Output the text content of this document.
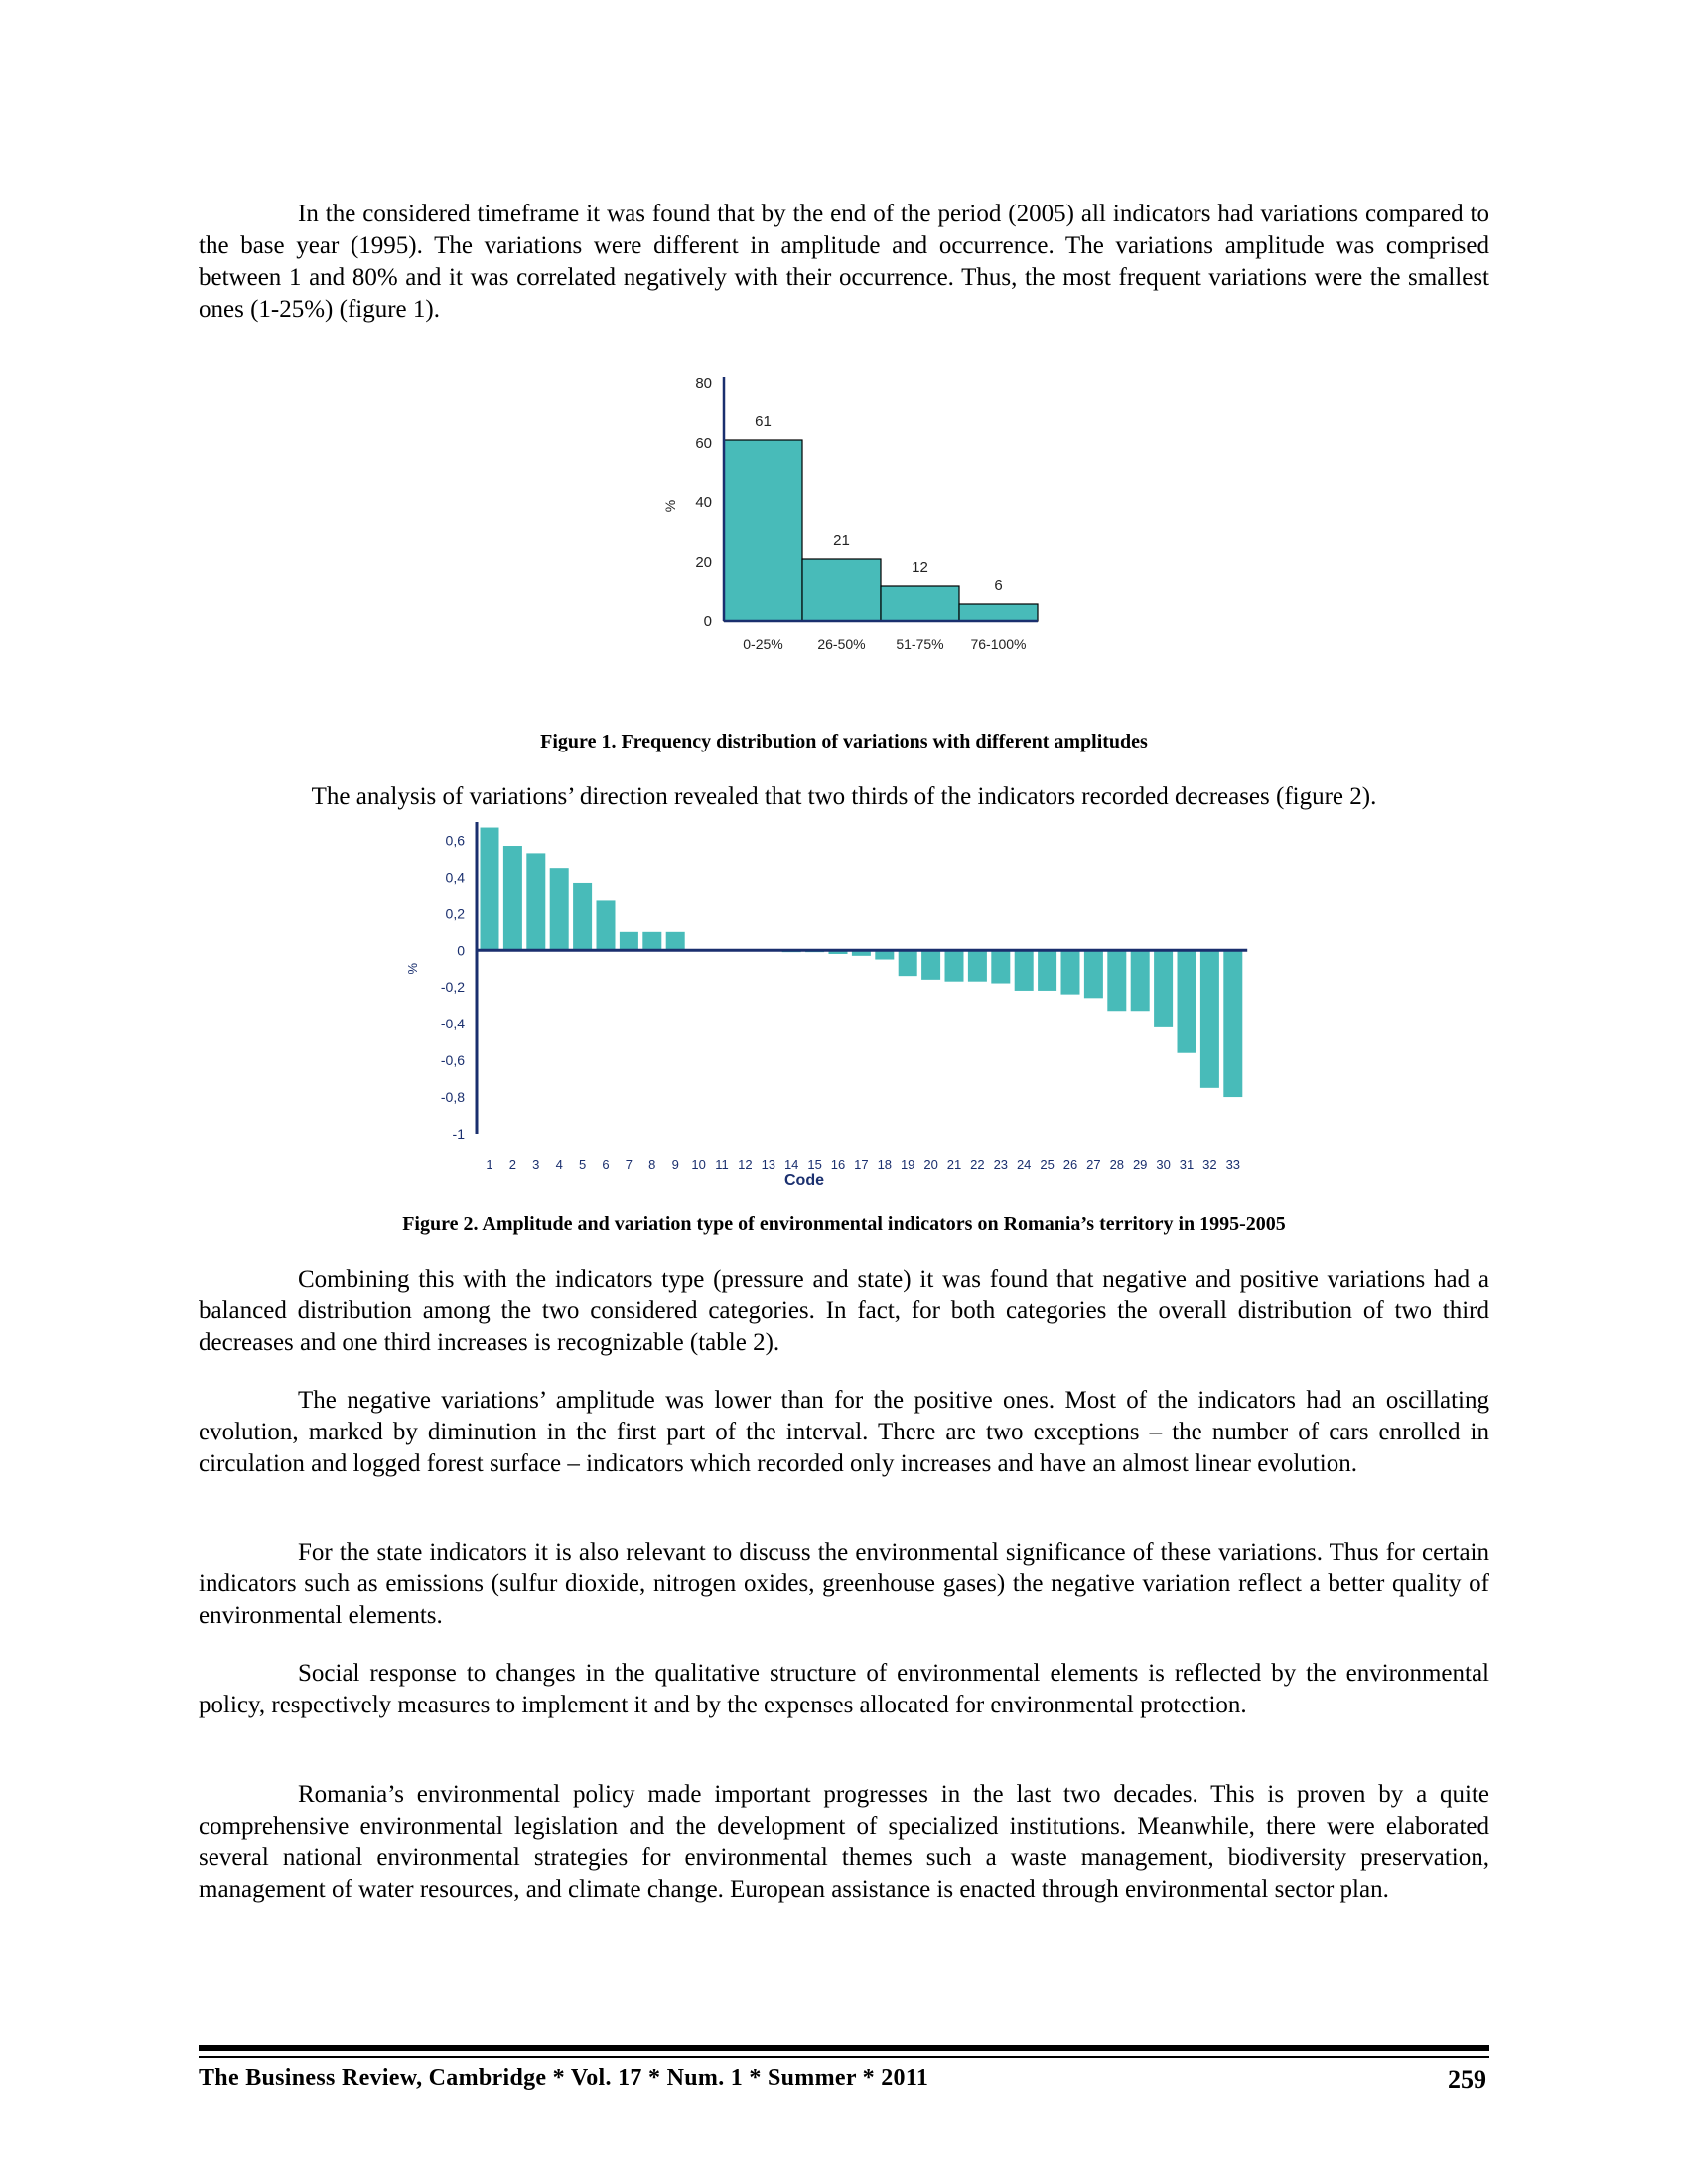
In the considered timeframe it was found that by the end of the period (2005) all indicators had variations compared to the base year (1995). The variations were different in amplitude and occurrence. The variations amplitude was comprised between 1 and 80% and it was correlated negatively with their occurrence. Thus, the most frequent variations were the smallest ones (1-25%) (figure 1).

61
0-25%
21
26-50%
12
51-75%
6
76-100%
0
20
40
60
80
%

Figure 1. Frequency distribution of variations with different amplitudes

The analysis of variations’ direction revealed that two thirds of the indicators recorded decreases (figure 2).

1 2 3 4 5 6 7 8 9 10 11 12 13 14 15 16 17 18 19 20 21 22 23 24 25 26 27 28 29 30 31 32 33
0,6
0,4
0,2
0
-0,2
-0,4
-0,6
-0,8
-1
%
Code

Figure 2. Amplitude and variation type of environmental indicators on Romania’s territory in 1995-2005

Combining this with the indicators type (pressure and state) it was found that negative and positive variations had a balanced distribution among the two considered categories. In fact, for both categories the overall distribution of two third decreases and one third increases is recognizable (table 2).

The negative variations’ amplitude was lower than for the positive ones. Most of the indicators had an oscillating evolution, marked by diminution in the first part of the interval. There are two exceptions – the number of cars enrolled in circulation and logged forest surface – indicators which recorded only increases and have an almost linear evolution.

For the state indicators it is also relevant to discuss the environmental significance of these variations. Thus for certain indicators such as emissions (sulfur dioxide, nitrogen oxides, greenhouse gases) the negative variation reflect a better quality of environmental elements.

Social response to changes in the qualitative structure of environmental elements is reflected by the environmental policy, respectively measures to implement it and by the expenses allocated for environmental protection.

Romania’s environmental policy made important progresses in the last two decades. This is proven by a quite comprehensive environmental legislation and the development of specialized institutions. Meanwhile, there were elaborated several national environmental strategies for environmental themes such a waste management, biodiversity preservation, management of water resources, and climate change. European assistance is enacted through environmental sector plan.

The Business Review, Cambridge * Vol. 17 * Num. 1 * Summer * 2011	259
